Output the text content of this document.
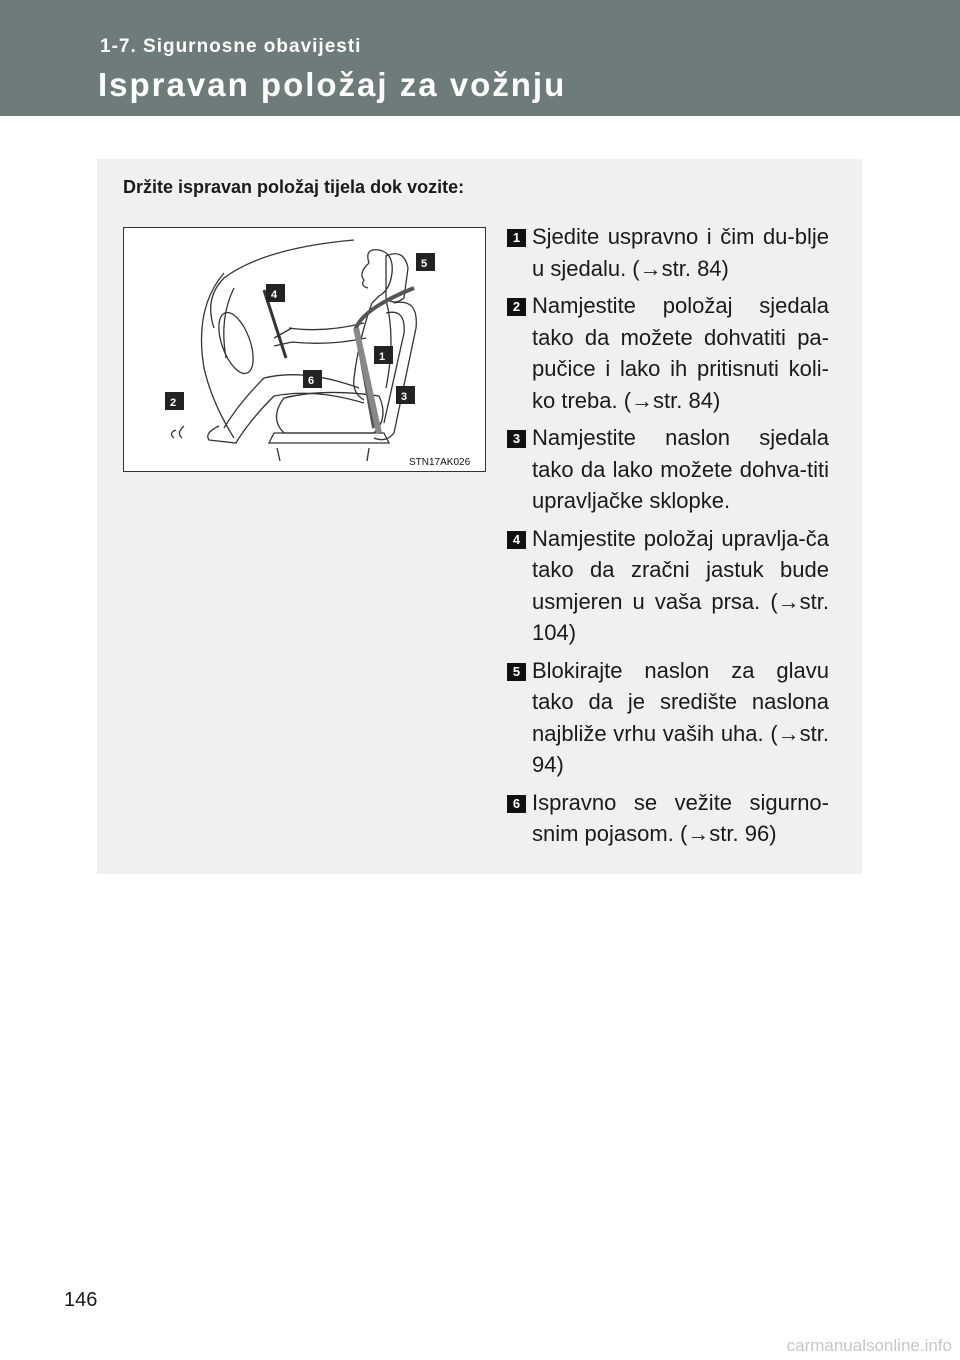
1-7. Sigurnosne obavijesti
Ispravan položaj za vožnju
Držite ispravan položaj tijela dok vozite:
5
4
1
6
3
2
STN17AK026
1 Sjedite uspravno i čim du-blje u sjedalu. (→str. 84)
2 Namjestite položaj sjedala tako da možete dohvatiti pa-pučice i lako ih pritisnuti koli-ko treba. (→str. 84)
3 Namjestite naslon sjedala tako da lako možete dohva-titi upravljačke sklopke.
4 Namjestite položaj upravlja-ča tako da zračni jastuk bude usmjeren u vaša prsa. (→str. 104)
5 Blokirajte naslon za glavu tako da je središte naslona najbliže vrhu vaših uha. (→str. 94)
6 Ispravno se vežite sigurno-snim pojasom. (→str. 96)
146
carmanualsonline.info
